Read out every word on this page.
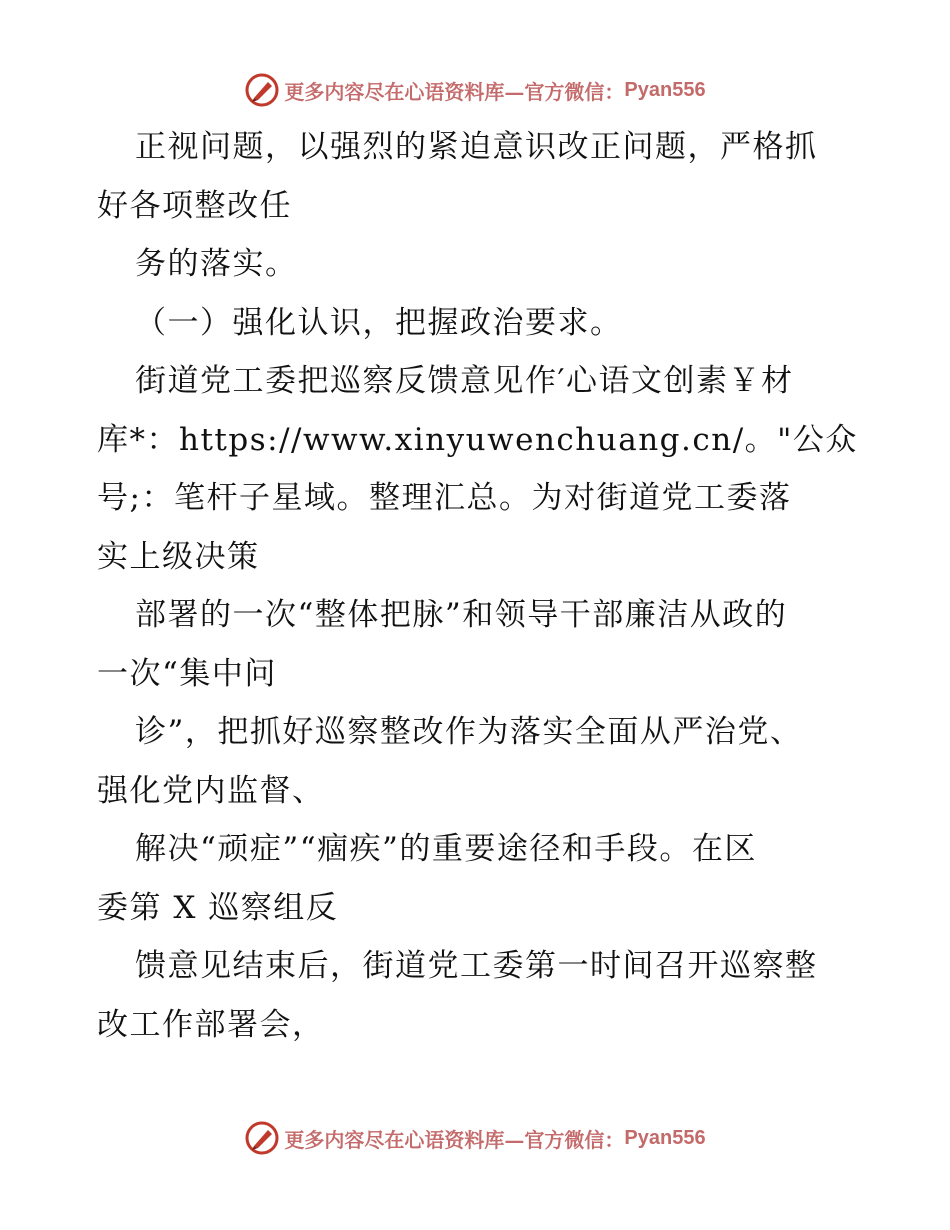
更多内容尽在心语资料库—官方微信： Pyan556
正视问题，以强烈的紧迫意识改正问题，严格抓
好各项整改任
务的落实。
（一）强化认识，把握政治要求。
街道党工委把巡察反馈意见作′心语文创素￥材
库*：https://www.xinyuwenchuang.cn/。"公众
号;：笔杆子星域。整理汇总。为对街道党工委落
实上级决策
部署的一次“整体把脉”和领导干部廉洁从政的
一次“集中问
诊”，把抓好巡察整改作为落实全面从严治党、
强化党内监督、
解决“顽症”“痼疾”的重要途径和手段。在区
委第 X 巡察组反
馈意见结束后，街道党工委第一时间召开巡察整
改工作部署会，
更多内容尽在心语资料库—官方微信： Pyan556
